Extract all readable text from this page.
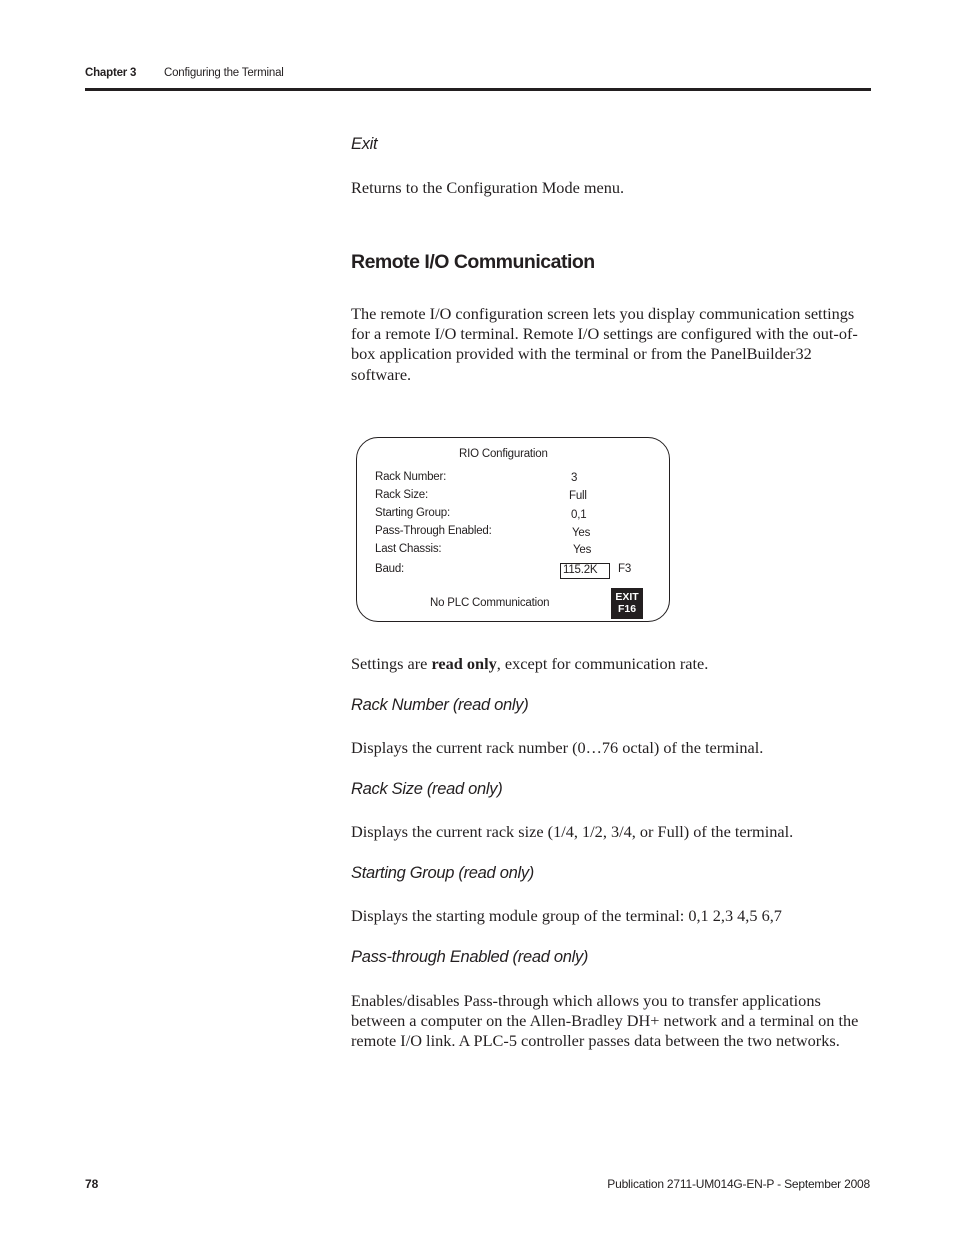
Chapter 3 Configuring the Terminal
Exit
Returns to the Configuration Mode menu.
Remote I/O Communication
The remote I/O configuration screen lets you display communication settings for a remote I/O terminal. Remote I/O settings are configured with the out-of-box application provided with the terminal or from the PanelBuilder32 software.
RIO Configuration
Rack Number:	3
Rack Size:	Full
Starting Group:	0,1
Pass-Through Enabled:	Yes
Last Chassis:	Yes
Baud:	115.2K F3
No PLC Communication	EXIT
F16
Settings are read only, except for communication rate.
Rack Number (read only)
Displays the current rack number (0…76 octal) of the terminal.
Rack Size (read only)
Displays the current rack size (1/4, 1/2, 3/4, or Full) of the terminal.
Starting Group (read only)
Displays the starting module group of the terminal: 0,1 2,3 4,5 6,7
Pass-through Enabled (read only)
Enables/disables Pass-through which allows you to transfer applications between a computer on the Allen-Bradley DH+ network and a terminal on the remote I/O link. A PLC-5 controller passes data between the two networks.
78	Publication 2711-UM014G-EN-P - September 2008
